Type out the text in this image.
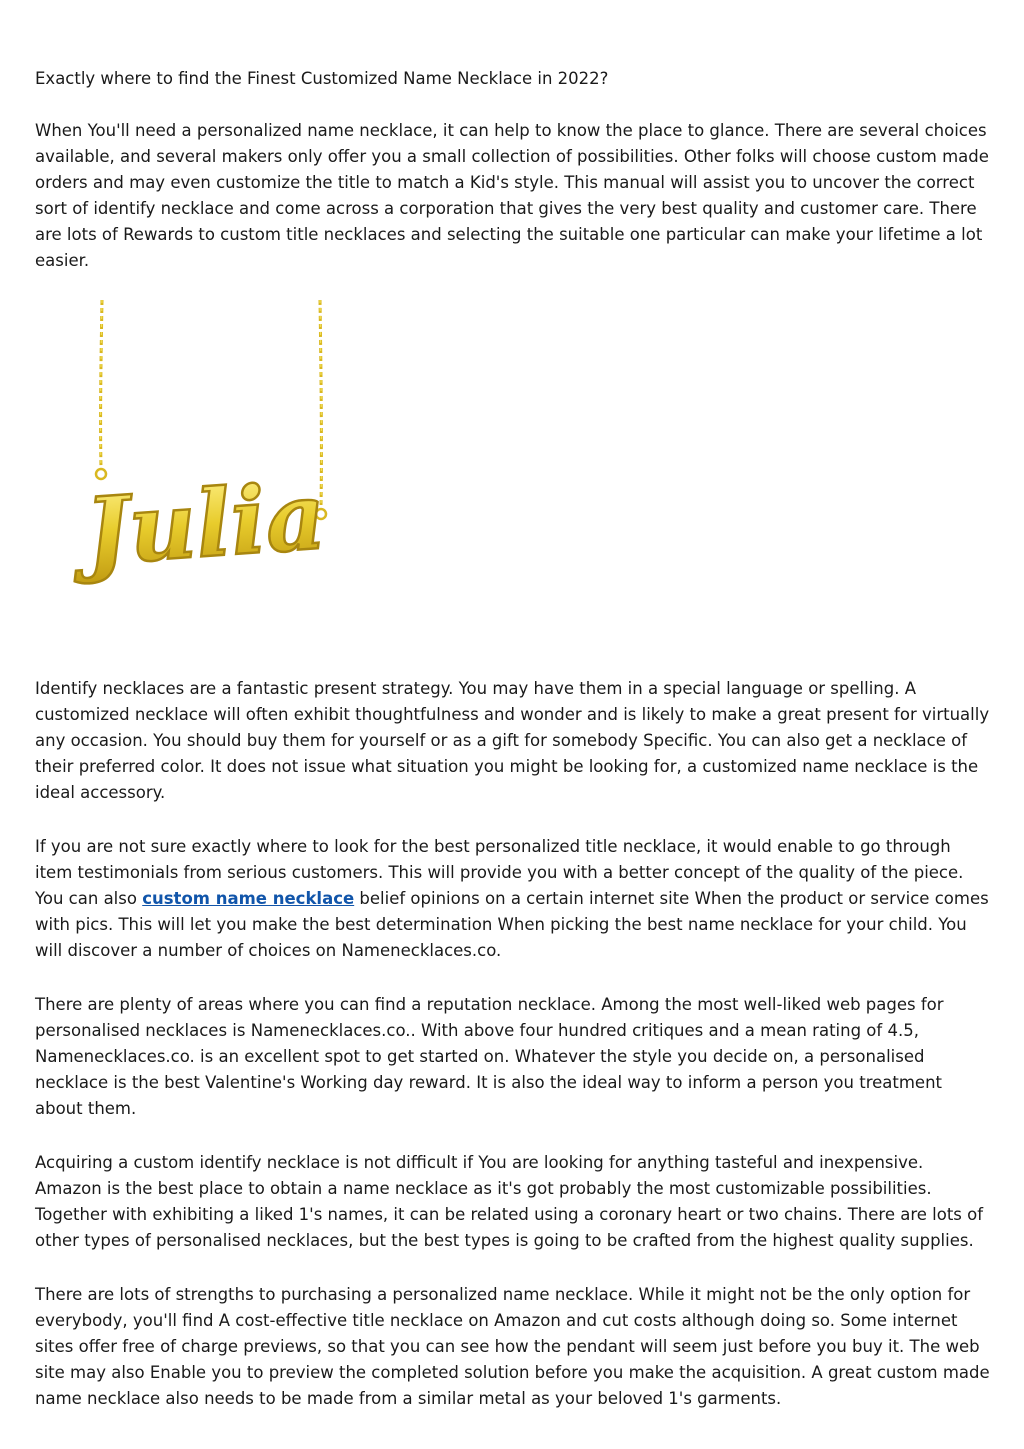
Exactly where to find the Finest Customized Name Necklace in 2022?

When You'll need a personalized name necklace, it can help to know the place to glance. There are several choices available, and several makers only offer you a small collection of possibilities. Other folks will choose custom made orders and may even customize the title to match a Kid's style. This manual will assist you to uncover the correct sort of identify necklace and come across a corporation that gives the very best quality and customer care. There are lots of Rewards to custom title necklaces and selecting the suitable one particular can make your lifetime a lot easier.

Identify necklaces are a fantastic present strategy. You may have them in a special language or spelling. A customized necklace will often exhibit thoughtfulness and wonder and is likely to make a great present for virtually any occasion. You should buy them for yourself or as a gift for somebody Specific. You can also get a necklace of their preferred color. It does not issue what situation you might be looking for, a customized name necklace is the ideal accessory.

If you are not sure exactly where to look for the best personalized title necklace, it would enable to go through item testimonials from serious customers. This will provide you with a better concept of the quality of the piece. You can also custom name necklace belief opinions on a certain internet site When the product or service comes with pics. This will let you make the best determination When picking the best name necklace for your child. You will discover a number of choices on Namenecklaces.co.

There are plenty of areas where you can find a reputation necklace. Among the most well-liked web pages for personalised necklaces is Namenecklaces.co.. With above four hundred critiques and a mean rating of 4.5, Namenecklaces.co. is an excellent spot to get started on. Whatever the style you decide on, a personalised necklace is the best Valentine's Working day reward. It is also the ideal way to inform a person you treatment about them.

Acquiring a custom identify necklace is not difficult if You are looking for anything tasteful and inexpensive. Amazon is the best place to obtain a name necklace as it's got probably the most customizable possibilities. Together with exhibiting a liked 1's names, it can be related using a coronary heart or two chains. There are lots of other types of personalised necklaces, but the best types is going to be crafted from the highest quality supplies.

There are lots of strengths to purchasing a personalized name necklace. While it might not be the only option for everybody, you'll find A cost-effective title necklace on Amazon and cut costs although doing so. Some internet sites offer free of charge previews, so that you can see how the pendant will seem just before you buy it. The web site may also Enable you to preview the completed solution before you make the acquisition. A great custom made name necklace also needs to be made from a similar metal as your beloved 1's garments.

Julia
